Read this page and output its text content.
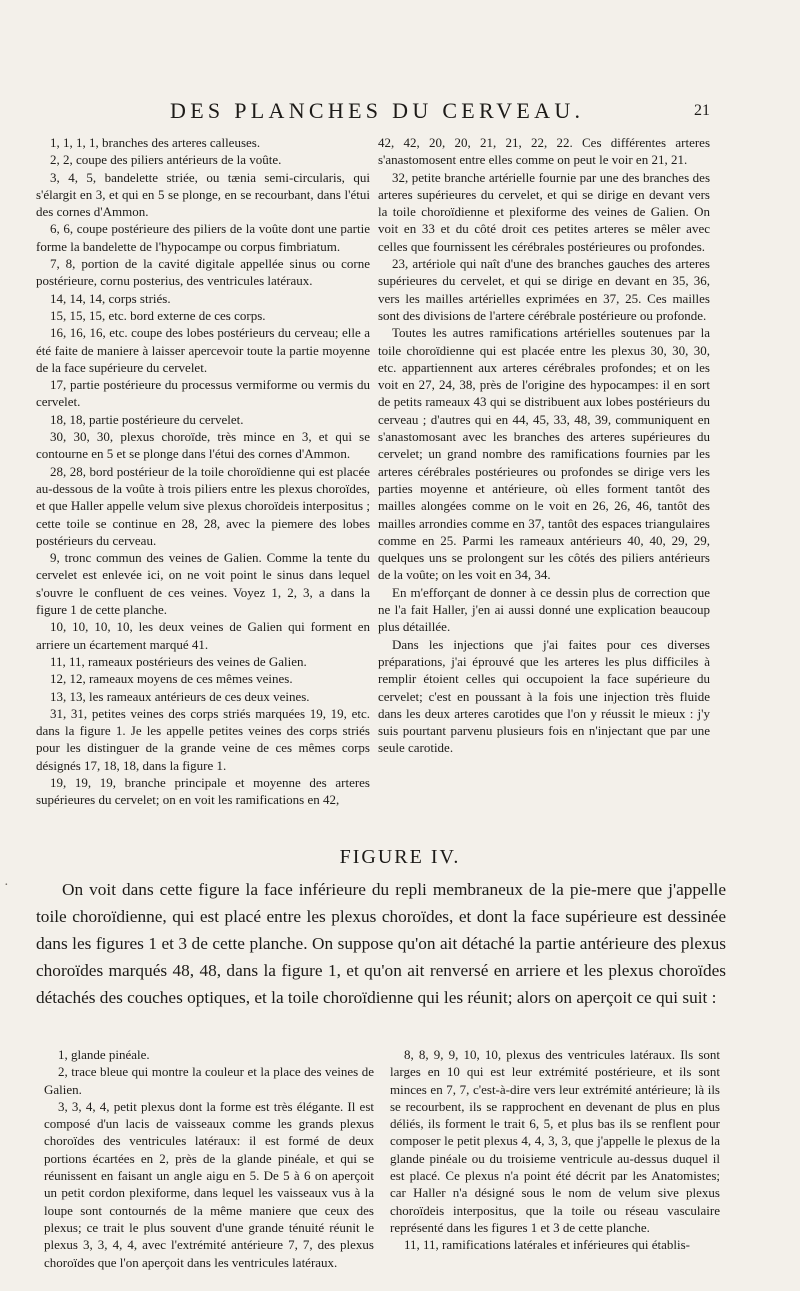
DES PLANCHES DU CERVEAU.	21

1, 1, 1, 1, branches des arteres calleuses.

2, 2, coupe des piliers antérieurs de la voûte.

3, 4, 5, bandelette striée, ou tænia semi-circularis, qui s'élargit en 3, et qui en 5 se plonge, en se recourbant, dans l'étui des cornes d'Ammon.

6, 6, coupe postérieure des piliers de la voûte dont une partie forme la bandelette de l'hypocampe ou corpus fimbriatum.

7, 8, portion de la cavité digitale appellée sinus ou corne postérieure, cornu posterius, des ventricules latéraux.

14, 14, 14, corps striés.

15, 15, 15, etc. bord externe de ces corps.

16, 16, 16, etc. coupe des lobes postérieurs du cerveau; elle a été faite de maniere à laisser apercevoir toute la partie moyenne de la face supérieure du cervelet.

17, partie postérieure du processus vermiforme ou vermis du cervelet.

18, 18, partie postérieure du cervelet.

30, 30, 30, plexus choroïde, très mince en 3, et qui se contourne en 5 et se plonge dans l'étui des cornes d'Ammon.

28, 28, bord postérieur de la toile choroïdienne qui est placée au-dessous de la voûte à trois piliers entre les plexus choroïdes, et que Haller appelle velum sive plexus choroïdeis interpositus ; cette toile se continue en 28, 28, avec la piemere des lobes postérieurs du cerveau.

9, tronc commun des veines de Galien. Comme la tente du cervelet est enlevée ici, on ne voit point le sinus dans lequel s'ouvre le confluent de ces veines. Voyez 1, 2, 3, a dans la figure 1 de cette planche.

10, 10, 10, 10, les deux veines de Galien qui forment en arriere un écartement marqué 41.

11, 11, rameaux postérieurs des veines de Galien.

12, 12, rameaux moyens de ces mêmes veines.

13, 13, les rameaux antérieurs de ces deux veines.

31, 31, petites veines des corps striés marquées 19, 19, etc. dans la figure 1. Je les appelle petites veines des corps striés pour les distinguer de la grande veine de ces mêmes corps désignés 17, 18, 18, dans la figure 1.

19, 19, 19, branche principale et moyenne des arteres supérieures du cervelet; on en voit les ramifications en 42,

42, 42, 20, 20, 21, 21, 22, 22. Ces différentes arteres s'anastomosent entre elles comme on peut le voir en 21, 21.

32, petite branche artérielle fournie par une des branches des arteres supérieures du cervelet, et qui se dirige en devant vers la toile choroïdienne et plexiforme des veines de Galien. On voit en 33 et du côté droit ces petites arteres se mêler avec celles que fournissent les cérébrales postérieures ou profondes.

23, artériole qui naît d'une des branches gauches des arteres supérieures du cervelet, et qui se dirige en devant en 35, 36, vers les mailles artérielles exprimées en 37, 25. Ces mailles sont des divisions de l'artere cérébrale postérieure ou profonde.

Toutes les autres ramifications artérielles soutenues par la toile choroïdienne qui est placée entre les plexus 30, 30, 30, etc. appartiennent aux arteres cérébrales profondes; et on les voit en 27, 24, 38, près de l'origine des hypocampes: il en sort de petits rameaux 43 qui se distribuent aux lobes postérieurs du cerveau ; d'autres qui en 44, 45, 33, 48, 39, communiquent en s'anastomosant avec les branches des arteres supérieures du cervelet; un grand nombre des ramifications fournies par les arteres cérébrales postérieures ou profondes se dirige vers les parties moyenne et antérieure, où elles forment tantôt des mailles alongées comme on le voit en 26, 26, 46, tantôt des mailles arrondies comme en 37, tantôt des espaces triangulaires comme en 25. Parmi les rameaux antérieurs 40, 40, 29, 29, quelques uns se prolongent sur les côtés des piliers antérieurs de la voûte; on les voit en 34, 34.

En m'efforçant de donner à ce dessin plus de correction que ne l'a fait Haller, j'en ai aussi donné une explication beaucoup plus détaillée.

Dans les injections que j'ai faites pour ces diverses préparations, j'ai éprouvé que les arteres les plus difficiles à remplir étoient celles qui occupoient la face supérieure du cervelet; c'est en poussant à la fois une injection très fluide dans les deux arteres carotides que l'on y réussit le mieux : j'y suis pourtant parvenu plusieurs fois en n'injectant que par une seule carotide.

FIGURE IV.
·	On voit dans cette figure la face inférieure du repli membraneux de la pie-mere que j'appelle toile choroïdienne, qui est placé entre les plexus choroïdes, et dont la face supérieure est dessinée dans les figures 1 et 3 de cette planche. On suppose qu'on ait détaché la partie antérieure des plexus choroïdes marqués 48, 48, dans la figure 1, et qu'on ait renversé en arriere et les plexus choroïdes détachés des couches optiques, et la toile choroïdienne qui les réunit; alors on aperçoit ce qui suit :

1, glande pinéale.

2, trace bleue qui montre la couleur et la place des veines de Galien.

3, 3, 4, 4, petit plexus dont la forme est très élégante. Il est composé d'un lacis de vaisseaux comme les grands plexus choroïdes des ventricules latéraux: il est formé de deux portions écartées en 2, près de la glande pinéale, et qui se réunissent en faisant un angle aigu en 5. De 5 à 6 on aperçoit un petit cordon plexiforme, dans lequel les vaisseaux vus à la loupe sont contournés de la même maniere que ceux des plexus; ce trait le plus souvent d'une grande ténuité réunit le plexus 3, 3, 4, 4, avec l'extrémité antérieure 7, 7, des plexus choroïdes que l'on aperçoit dans les ventricules latéraux.

8, 8, 9, 9, 10, 10, plexus des ventricules latéraux. Ils sont larges en 10 qui est leur extrémité postérieure, et ils sont minces en 7, 7, c'est-à-dire vers leur extrémité antérieure; là ils se recourbent, ils se rapprochent en devenant de plus en plus déliés, ils forment le trait 6, 5, et plus bas ils se renflent pour composer le petit plexus 4, 4, 3, 3, que j'appelle le plexus de la glande pinéale ou du troisieme ventricule au-dessus duquel il est placé. Ce plexus n'a point été décrit par les Anatomistes; car Haller n'a désigné sous le nom de velum sive plexus choroïdeis interpositus, que la toile ou réseau vasculaire représenté dans les figures 1 et 3 de cette planche.

11, 11, ramifications latérales et inférieures qui établis-
